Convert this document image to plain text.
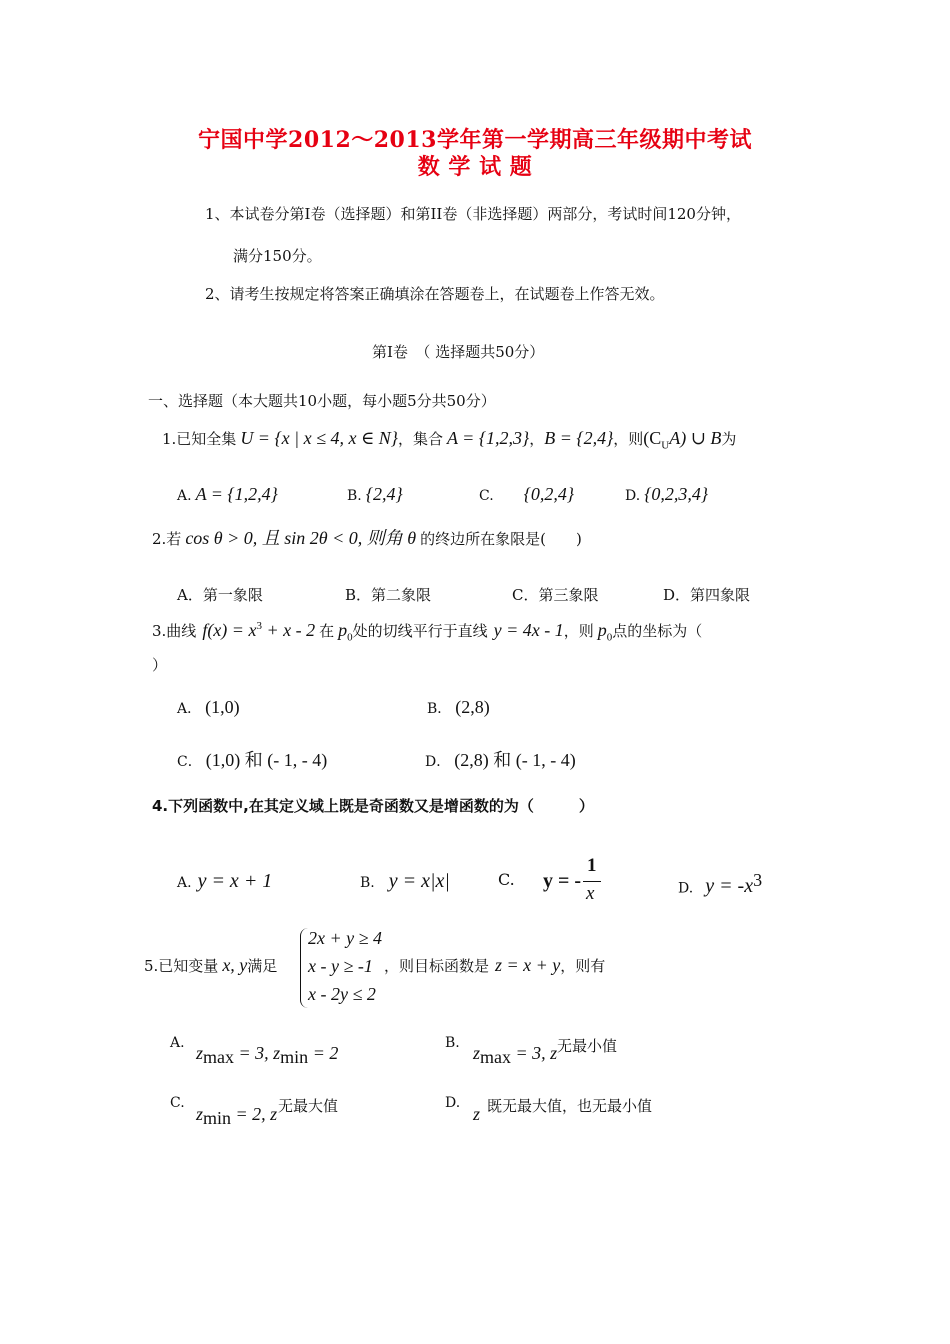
宁国中学2012～2013学年第一学期高三年级期中考试
数 学 试 题
1、本试卷分第I卷（选择题）和第II卷（非选择题）两部分，考试时间120分钟，
满分150分。
2、请考生按规定将答案正确填涂在答题卷上，在试题卷上作答无效。
第I卷　（ 选择题共50分）
一、选择题（本大题共10小题，每小题5分共50分）
1.已知全集 U = {x | x ≤ 4, x ∈ N}，集合 A = {1,2,3}，B = {2,4}，则$(C_UA)$ ∪ B为
A. A = {1,2,4}	B. {2,4}	C. {0,2,4}	D. {0,2,3,4}
2.若 cos θ > 0, 且 sin 2θ < 0, 则角 θ 的终边所在象限是(　　)
A．第一象限	B．第二象限	C．第三象限	D．第四象限
3.曲线 $f(x) = x^3 + x - 2$ 在 $p_0$处的切线平行于直线 y = 4x - 1，则 $p_0$点的坐标为（
）
A． (1,0)	B． (2,8)
C． (1,0) 和 (- 1, - 4)	D． (2,8) 和 (- 1, - 4)
4.下列函数中,在其定义域上既是奇函数又是增函数的为（　　　）
A. y = x + 1	B. y = x|x|	C. y = -
1
x	D. $y = -x^3$
5.已知变量 x, y满足
2x + y ≥ 4
x - y ≥ -1
x - 2y ≤ 2
，则目标函数是 z = x + y，则有
A. $z_{max} = 3$, $z_{min} = 2$	B. $z_{max} = 3$, z 无最小值
C.
$z_{min} = 2$, z 无最大值	D.
z 既无最大值，也无最小值
